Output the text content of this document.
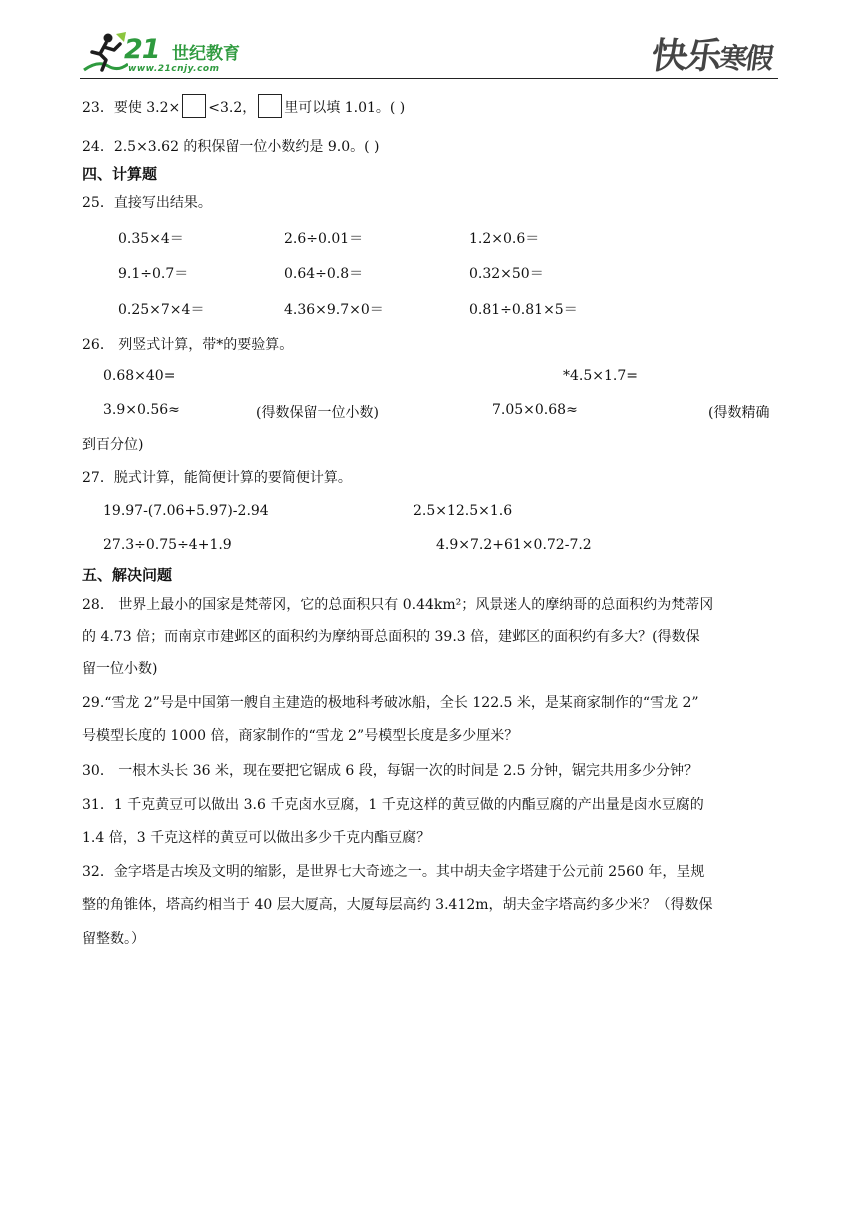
21 世纪教育
www.21cnjy.com	快乐寒假
23．要使 3.2× <3.2， 里可以填 1.01。( )
24．2.5×3.62 的积保留一位小数约是 9.0。( )
四、计算题
25．直接写出结果。
0.35×4＝	2.6÷0.01＝	1.2×0.6＝
9.1÷0.7＝	0.64÷0.8＝	0.32×50＝
0.25×7×4＝	4.36×9.7×0＝	0.81÷0.81×5＝
26． 列竖式计算，带*的要验算。
0.68×40=	*4.5×1.7=
3.9×0.56≈	(得数保留一位小数)	7.05×0.68≈	(得数精确
到百分位)
27．脱式计算，能简便计算的要简便计算。
19.97-(7.06+5.97)-2.94	2.5×12.5×1.6
27.3÷0.75÷4+1.9	4.9×7.2+61×0.72-7.2
五、解决问题
28． 世界上最小的国家是梵蒂冈，它的总面积只有 0.44km²；风景迷人的摩纳哥的总面积约为梵蒂冈
的 4.73 倍；而南京市建邺区的面积约为摩纳哥总面积的 39.3 倍，建邺区的面积约有多大？(得数保
留一位小数)
29.“雪龙 2”号是中国第一艘自主建造的极地科考破冰船，全长 122.5 米，是某商家制作的“雪龙 2”
号模型长度的 1000 倍，商家制作的“雪龙 2”号模型长度是多少厘米？
30． 一根木头长 36 米，现在要把它锯成 6 段，每锯一次的时间是 2.5 分钟，锯完共用多少分钟？
31．1 千克黄豆可以做出 3.6 千克卤水豆腐，1 千克这样的黄豆做的内酯豆腐的产出量是卤水豆腐的
1.4 倍，3 千克这样的黄豆可以做出多少千克内酯豆腐？
32．金字塔是古埃及文明的缩影，是世界七大奇迹之一。其中胡夫金字塔建于公元前 2560 年，呈规
整的角锥体，塔高约相当于 40 层大厦高，大厦每层高约 3.412m，胡夫金字塔高约多少米？（得数保
留整数。）
